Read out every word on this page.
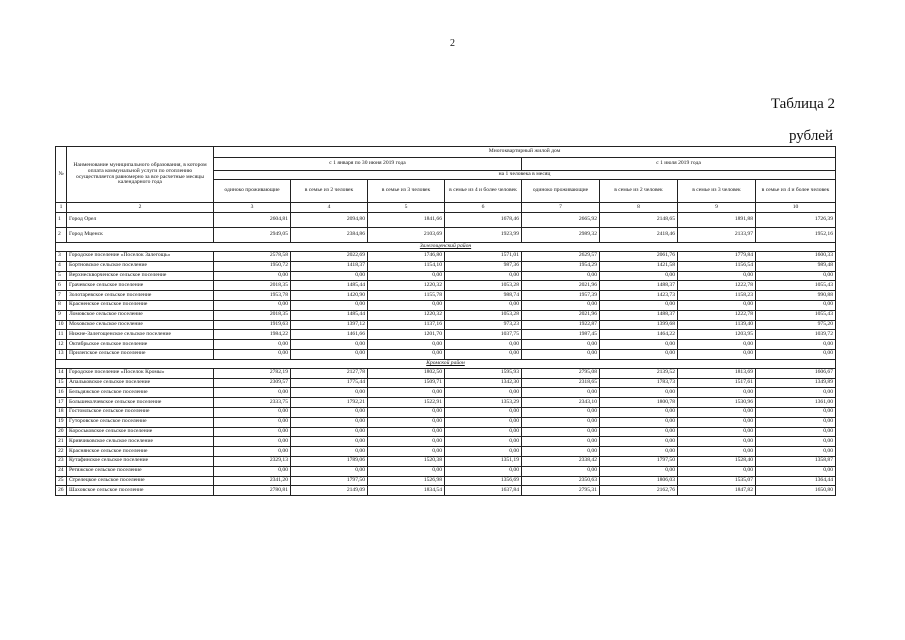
2
Таблица 2
рублей
№	Наименование муниципального образования, в котором оплата коммунальной услуги по отоплению осуществляется равномерно за все расчетные месяцы календарного года	Многоквартирный жилой дом							
		с 1 января по 30 июня 2019 года				с 1 июля 2019 года			
		на 1 человека в месяц							
		одиноко проживающие	в семье из 2 человек	в семье из 3 человек	в семье из 4 и более человек	одиноко проживающие	в семье из 2 человек	в семье из 3 человек	в семье из 4 и более человек
1	2	3	4	5	6	7	8	9	10
1	Город Орел	2604,81	2094,80	1841,66	1678,46	2665,92	2148,65	1891,88	1726,39
2	Город Мценск	2949,05	2384,86	2103,69	1923,99	2989,32	2418,46	2133,97	1952,16
Залегощенский район									
3	Городское поселение «Поселок Залегощь»	2578,58	2022,69	1746,80	1571,01	2629,57	2061,76	1779,84	1600,33
4	Бортновское сельское поселение	1950,72	1418,37	1154,10	987,36	1954,29	1421,58	1156,54	989,48
5	Верхнескворченское сельское поселение	0,00	0,00	0,00	0,00	0,00	0,00	0,00	0,00
6	Грачевское сельское поселение	2018,35	1485,44	1220,32	1053,28	2021,96	1488,37	1222,78	1055,43
7	Золотаревское сельское поселение	1953,78	1420,90	1155,78	988,74	1957,39	1423,73	1158,23	990,88
8	Красненское сельское поселение	0,00	0,00	0,00	0,00	0,00	0,00	0,00	0,00
9	Ломовское сельское поселение	2018,35	1485,44	1220,32	1053,28	2021,96	1488,37	1222,78	1055,43
10	Моховское сельское поселение	1919,63	1397,12	1137,16	973,23	1922,87	1399,68	1139,40	975,20
11	Нижне-Залегощенское сельское поселение	1984,22	1461,66	1201,70	1037,75	1987,45	1464,22	1203,95	1039,72
12	Октябрьское сельское поселение	0,00	0,00	0,00	0,00	0,00	0,00	0,00	0,00
13	Прилепское сельское поселение	0,00	0,00	0,00	0,00	0,00	0,00	0,00	0,00
Кромской район									
14	Городское поселение «Поселок Кромы»	2782,19	2127,78	1802,50	1595,93	2795,08	2139,52	1813,69	1606,67
15	Апальковское сельское поселение	2309,57	1775,44	1509,71	1342,30	2318,65	1783,73	1517,61	1349,89
16	Бельдяжское сельское поселение	0,00	0,00	0,00	0,00	0,00	0,00	0,00	0,00
17	Большеколчевское сельское поселение	2333,75	1792,21	1522,91	1353,29	2343,10	1800,78	1530,96	1361,00
18	Гостомльское сельское поселение	0,00	0,00	0,00	0,00	0,00	0,00	0,00	0,00
19	Гуторовское сельское поселение	0,00	0,00	0,00	0,00	0,00	0,00	0,00	0,00
20	Короськовское сельское поселение	0,00	0,00	0,00	0,00	0,00	0,00	0,00	0,00
21	Кривчиковское сельское поселение	0,00	0,00	0,00	0,00	0,00	0,00	0,00	0,00
22	Краснянское сельское поселение	0,00	0,00	0,00	0,00	0,00	0,00	0,00	0,00
23	Кутафинское сельское поселение	2329,13	1789,06	1520,38	1351,19	2338,42	1797,50	1528,40	1358,87
24	Ретяжское сельское поселение	0,00	0,00	0,00	0,00	0,00	0,00	0,00	0,00
25	Стрелецкое сельское поселение	2341,20	1797,50	1526,98	1356,69	2350,63	1806,03	1535,07	1364,44
26	Шаховское сельское поселение	2780,81	2149,09	1834,54	1637,84	2795,31	2162,76	1847,82	1650,80
